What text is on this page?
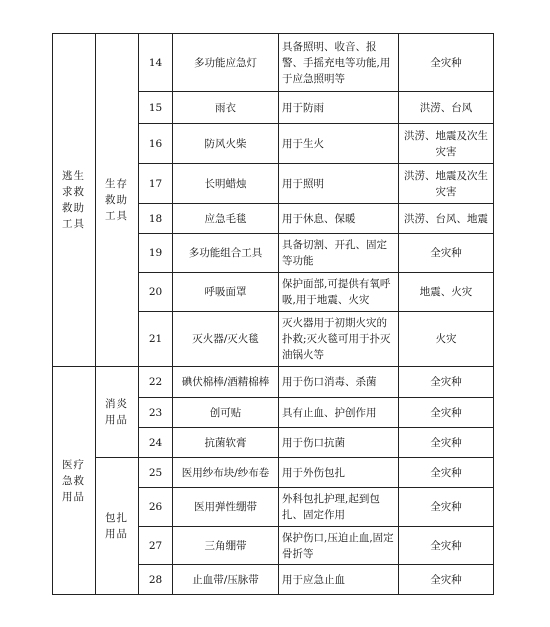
逃生求救救助工具	生存救助工具	14	多功能应急灯	具备照明、收音、报警、手摇充电等功能,用于应急照明等	全灾种
		15	雨衣	用于防雨	洪涝、台风
		16	防风火柴	用于生火	洪涝、地震及次生灾害
		17	长明蜡烛	用于照明	洪涝、地震及次生灾害
		18	应急毛毯	用于休息、保暖	洪涝、台风、地震
		19	多功能组合工具	具备切割、开孔、固定等功能	全灾种
		20	呼吸面罩	保护面部,可提供有氧呼吸,用于地震、火灾	地震、火灾
		21	灭火器/灭火毯	灭火器用于初期火灾的扑救;灭火毯可用于扑灭油锅火等	火灾
医疗急救用品	消炎用品	22	碘伏棉棒/酒精棉棒	用于伤口消毒、杀菌	全灾种
		23	创可贴	具有止血、护创作用	全灾种
		24	抗菌软膏	用于伤口抗菌	全灾种
	包扎用品	25	医用纱布块/纱布卷	用于外伤包扎	全灾种
		26	医用弹性绷带	外科包扎护理,起到包扎、固定作用	全灾种
		27	三角绷带	保护伤口,压迫止血,固定骨折等	全灾种
		28	止血带/压脉带	用于应急止血	全灾种
